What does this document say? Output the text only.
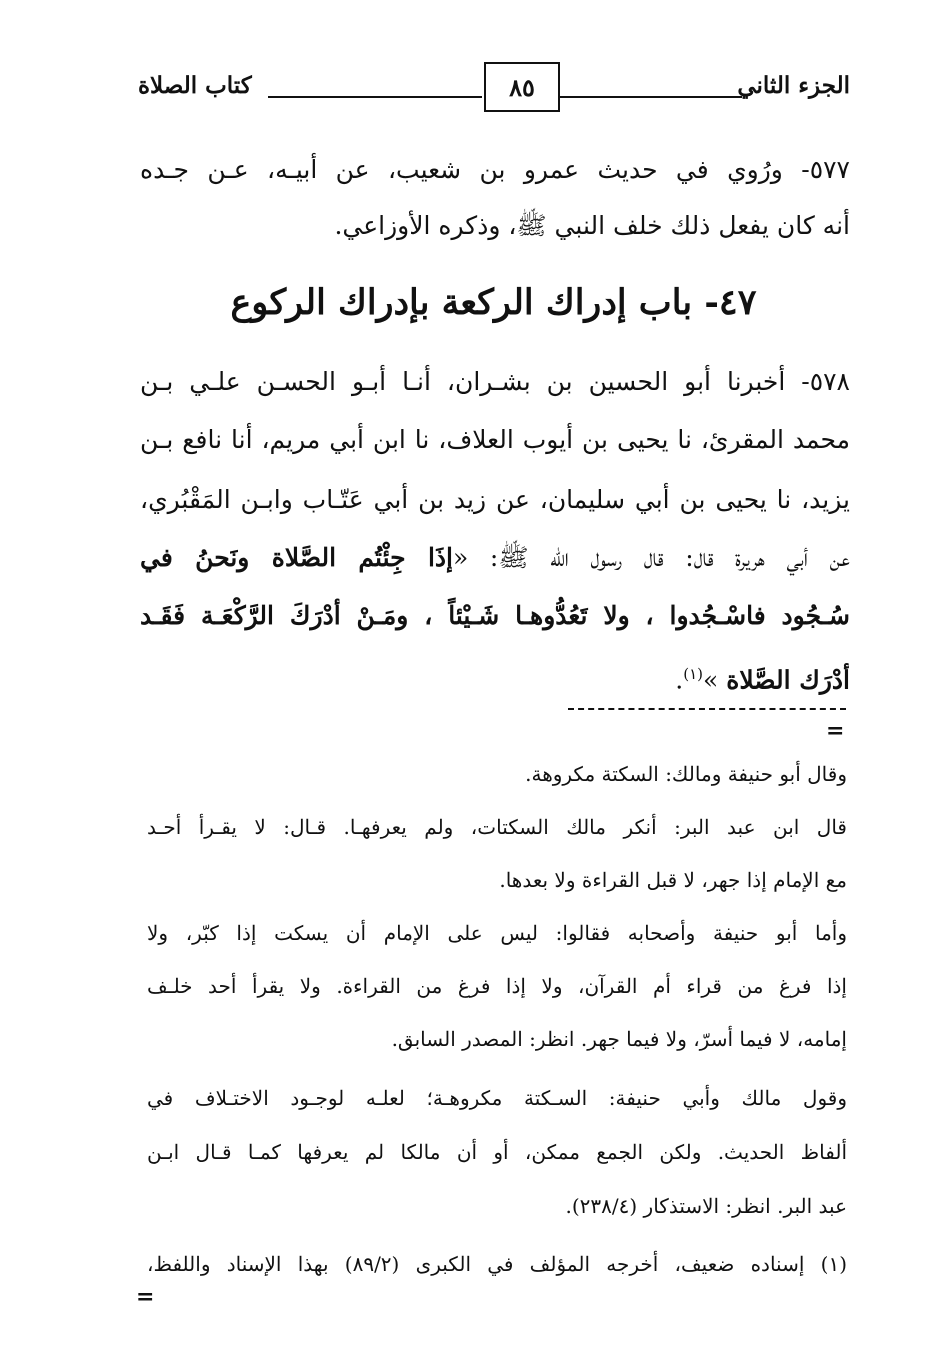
الجزء الثاني
٨٥
كتاب الصلاة
٥٧٧- ورُوي في حديث عمرو بن شعيب، عن أبيـه، عـن جـده
أنه كان يفعل ذلك خلف النبي ﷺ، وذكره الأوزاعي.
٤٧- باب إدراك الركعة بإدراك الركوع
٥٧٨- أخبرنا أبو الحسين بن بشـران، أنـا أبـو الحسـن علـي بـن
محمد المقرئ، نا يحيى بن أيوب العلاف، نا ابن أبي مريم، أنا نافع بـن
يزيد، نا يحيى بن أبي سليمان، عن زيد بن أبي عَتّـاب وابـن المَقْبُري،
عن أبي هريرة قال: قال رسول الله ﷺ: «إذَا جِئْتُم الصَّلاة ونَحنُ في
سُـجُود فاسْـجُدوا ، ولا تَعُدُّوهـا شَـيْئاً ، ومَـنْ أدْرَكَ الرَّكْعَـة فَقَـد
أدْرَك الصَّلاة »$^{(١)}$.
=
وقال أبو حنيفة ومالك: السكتة مكروهة.
قال ابن عبد البر: أنكر مالك السكتات، ولم يعرفهـا. قـال: لا يقـرأ أحـد
مع الإمام إذا جهر، لا قبل القراءة ولا بعدها.
وأما أبو حنيفة وأصحابه فقالوا: ليس على الإمام أن يسكت إذا كبّر، ولا
إذا فرغ من قراء أم القرآن، ولا إذا فرغ من القراءة. ولا يقرأ أحد خلـف
إمامه، لا فيما أسرّ، ولا فيما جهر. انظر: المصدر السابق.
وقول مالك وأبي حنيفة: السـكتة مكروهـة؛ لعلـه لوجـود الاختـلاف في
ألفاظ الحديث. ولكن الجمع ممكن، أو أن مالكا لم يعرفها كمـا قـال ابـن
عبد البر. انظر: الاستذكار (٢٣٨/٤).
(١) إسناده ضعيف، أخرجه المؤلف في الكبرى (٨٩/٢) بهذا الإسناد واللفظ،
=
